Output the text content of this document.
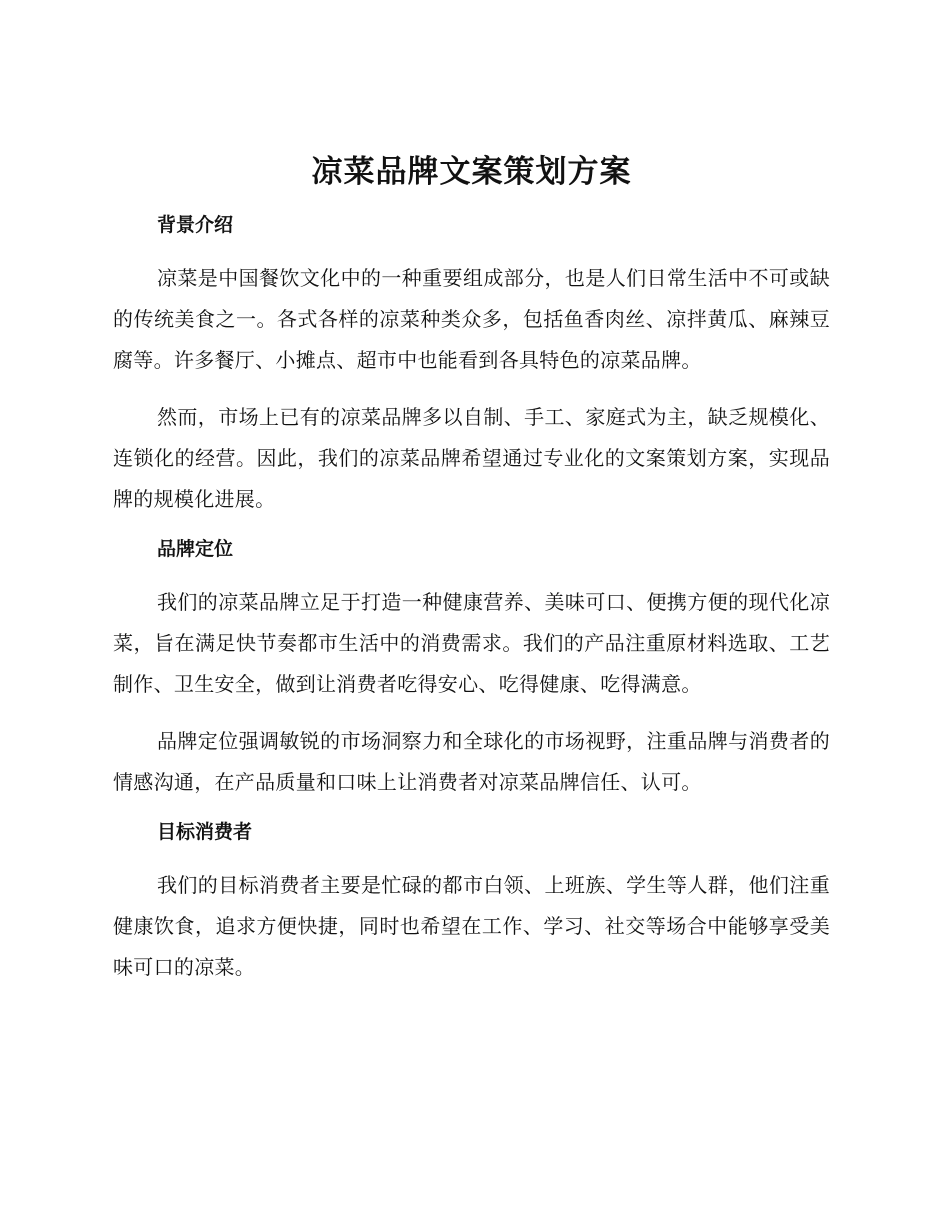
凉菜品牌文案策划方案
背景介绍

凉菜是中国餐饮文化中的一种重要组成部分，也是人们日常生活中不可或缺的传统美食之一。各式各样的凉菜种类众多，包括鱼香肉丝、凉拌黄瓜、麻辣豆腐等。许多餐厅、小摊点、超市中也能看到各具特色的凉菜品牌。

然而，市场上已有的凉菜品牌多以自制、手工、家庭式为主，缺乏规模化、连锁化的经营。因此，我们的凉菜品牌希望通过专业化的文案策划方案，实现品牌的规模化进展。

品牌定位

我们的凉菜品牌立足于打造一种健康营养、美味可口、便携方便的现代化凉菜，旨在满足快节奏都市生活中的消费需求。我们的产品注重原材料选取、工艺制作、卫生安全，做到让消费者吃得安心、吃得健康、吃得满意。

品牌定位强调敏锐的市场洞察力和全球化的市场视野，注重品牌与消费者的情感沟通，在产品质量和口味上让消费者对凉菜品牌信任、认可。

目标消费者

我们的目标消费者主要是忙碌的都市白领、上班族、学生等人群，他们注重健康饮食，追求方便快捷，同时也希望在工作、学习、社交等场合中能够享受美味可口的凉菜。
